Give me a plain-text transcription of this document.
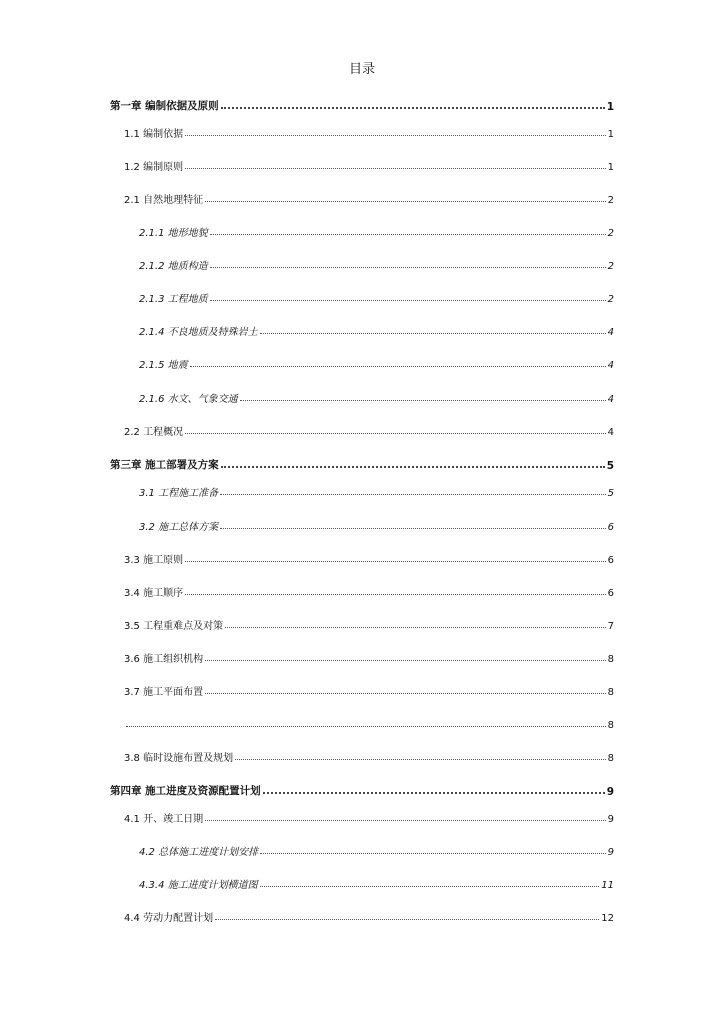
目录
第一章 编制依据及原则	1
1.1 编制依据	1
1.2 编制原则	1
2.1 自然地理特征	2
2.1.1 地形地貌	2
2.1.2 地质构造	2
2.1.3 工程地质	2
2.1.4 不良地质及特殊岩土	4
2.1.5 地震	4
2.1.6 水文、气象交通	4
2.2 工程概况	4
第三章 施工部署及方案	5
3.1 工程施工准备	5
3.2 施工总体方案	6
3.3 施工原则	6
3.4 施工顺序	6
3.5 工程重难点及对策	7
3.6 施工组织机构	8
3.7 施工平面布置	8
8
3.8 临时设施布置及规划	8
第四章 施工进度及资源配置计划	9
4.1 开、竣工日期	9
4.2 总体施工进度计划安排	9
4.3.4 施工进度计划横道图	11
4.4 劳动力配置计划	12
